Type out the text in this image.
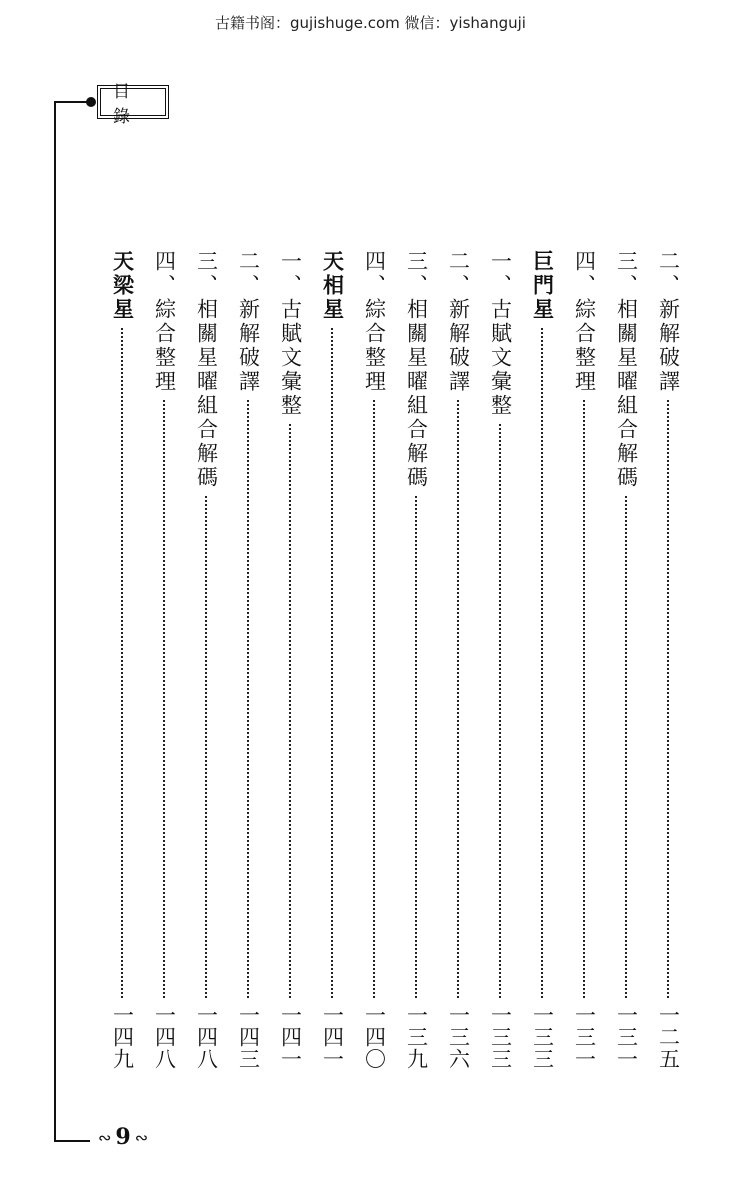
古籍书阁：gujishuge.com 微信：yishanguji
目錄
二、新解破譯
一二五
三、相關星曜組合解碼
一三一
四、綜合整理
一三一
巨門星
一三三
一、古賦文彙整
一三三
二、新解破譯
一三六
三、相關星曜組合解碼
一三九
四、綜合整理
一四〇
天相星
一四一
一、古賦文彙整
一四一
二、新解破譯
一四三
三、相關星曜組合解碼
一四八
四、綜合整理
一四八
天梁星
一四九
∾ 9 ∾
